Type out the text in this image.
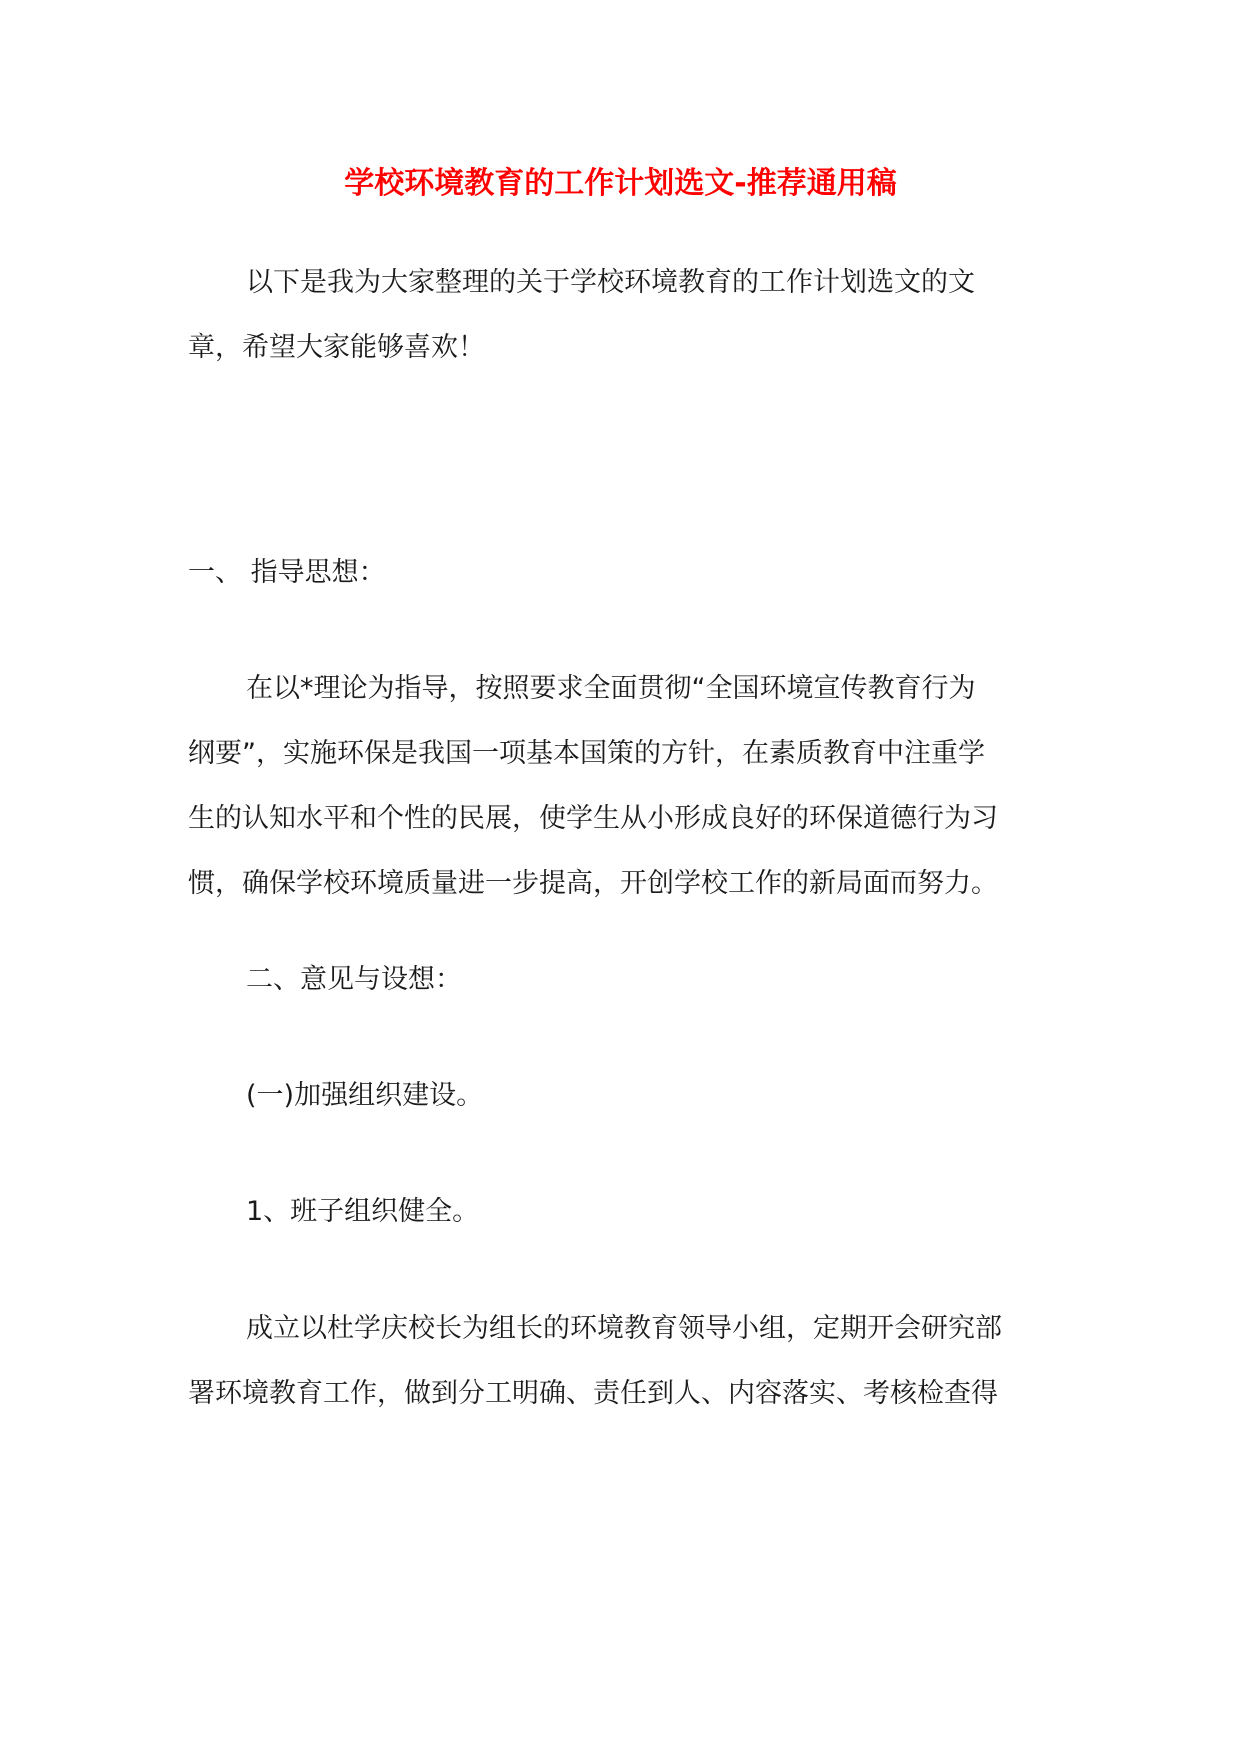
学校环境教育的工作计划选文-推荐通用稿
以下是我为大家整理的关于学校环境教育的工作计划选文的文
章，希望大家能够喜欢！
一、 指导思想：
在以*理论为指导，按照要求全面贯彻“全国环境宣传教育行为
纲要”，实施环保是我国一项基本国策的方针，在素质教育中注重学
生的认知水平和个性的民展，使学生从小形成良好的环保道德行为习
惯，确保学校环境质量进一步提高，开创学校工作的新局面而努力。
二、意见与设想：
(一)加强组织建设。
1、班子组织健全。
成立以杜学庆校长为组长的环境教育领导小组，定期开会研究部
署环境教育工作，做到分工明确、责任到人、内容落实、考核检查得
